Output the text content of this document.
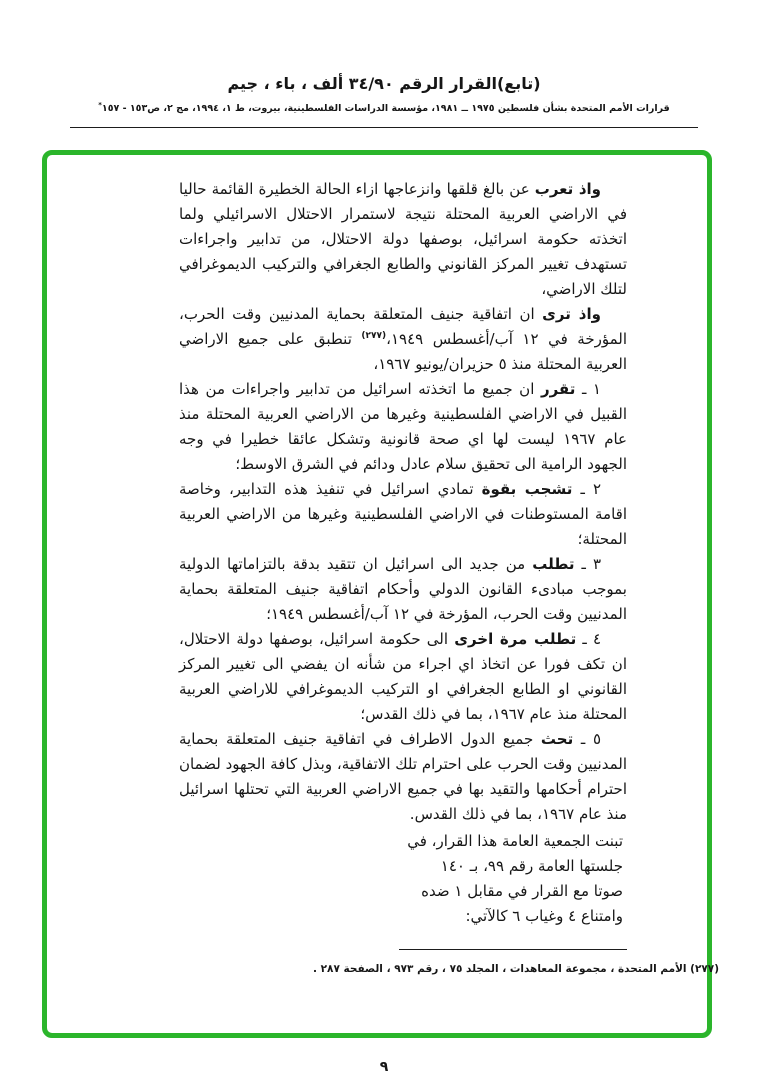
(تابع)القرار الرقم ٣٤/٩٠ ألف ، باء ، جيم
قرارات الأمم المتحدة بشأن فلسطين ١٩٧٥ ــ ١٩٨١، مؤسسة الدراسات الفلسطينية، بيروت، ط ١، ١٩٩٤، مج ٢، ص١٥٣ - ١٥٧*

واذ تعرب عن بالغ قلقها وانزعاجها ازاء الحالة الخطيرة القائمة حاليا في الاراضي العربية المحتلة نتيجة لاستمرار الاحتلال الاسرائيلي ولما اتخذته حكومة اسرائيل، بوصفها دولة الاحتلال، من تدابير واجراءات تستهدف تغيير المركز القانوني والطابع الجغرافي والتركيب الديموغرافي لتلك الاراضي،

واذ ترى ان اتفاقية جنيف المتعلقة بحماية المدنيين وقت الحرب، المؤرخة في ١٢ آب/أغسطس ١٩٤٩،$^{(٢٧٧)}$ تنطبق على جميع الاراضي العربية المحتلة منذ ٥ حزيران/يونيو ١٩٦٧،

١ ـ تقرر ان جميع ما اتخذته اسرائيل من تدابير واجراءات من هذا القبيل في الاراضي الفلسطينية وغيرها من الاراضي العربية المحتلة منذ عام ١٩٦٧ ليست لها اي صحة قانونية وتشكل عائقا خطيرا في وجه الجهود الرامية الى تحقيق سلام عادل ودائم في الشرق الاوسط؛

٢ ـ تشجب بقوة تمادي اسرائيل في تنفيذ هذه التدابير، وخاصة اقامة المستوطنات في الاراضي الفلسطينية وغيرها من الاراضي العربية المحتلة؛

٣ ـ تطلب من جديد الى اسرائيل ان تتقيد بدقة بالتزاماتها الدولية بموجب مبادىء القانون الدولي وأحكام اتفاقية جنيف المتعلقة بحماية المدنيين وقت الحرب، المؤرخة في ١٢ آب/أغسطس ١٩٤٩؛

٤ ـ تطلب مرة اخرى الى حكومة اسرائيل، بوصفها دولة الاحتلال، ان تكف فورا عن اتخاذ اي اجراء من شأنه ان يفضي الى تغيير المركز القانوني او الطابع الجغرافي او التركيب الديموغرافي للاراضي العربية المحتلة منذ عام ١٩٦٧، بما في ذلك القدس؛

٥ ـ تحث جميع الدول الاطراف في اتفاقية جنيف المتعلقة بحماية المدنيين وقت الحرب على احترام تلك الاتفاقية، وبذل كافة الجهود لضمان احترام أحكامها والتقيد بها في جميع الاراضي العربية التي تحتلها اسرائيل منذ عام ١٩٦٧، بما في ذلك القدس.

تبنت الجمعية العامة هذا القرار، في
جلستها العامة رقم ٩٩، بـ ١٤٠
صوتا مع القرار في مقابل ١ ضده
وامتناع ٤ وغياب ٦ كالآتي:
(٢٧٧) الأمم المتحدة ، مجموعة المعاهدات ، المجلد ٧٥ ، رقم ٩٧٣ ، الصفحة ٢٨٧ .
٩
